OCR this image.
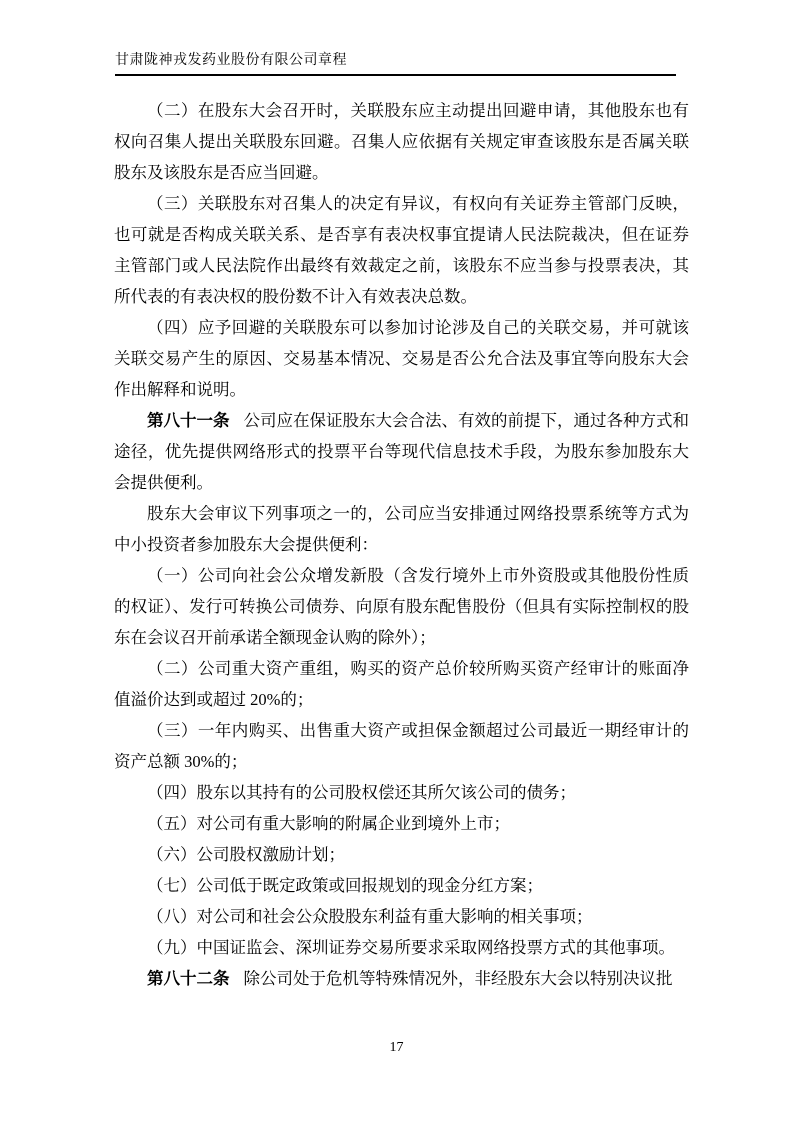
甘肃陇神戎发药业股份有限公司章程

（二）在股东大会召开时，关联股东应主动提出回避申请，其他股东也有权向召集人提出关联股东回避。召集人应依据有关规定审查该股东是否属关联股东及该股东是否应当回避。

（三）关联股东对召集人的决定有异议，有权向有关证券主管部门反映，也可就是否构成关联关系、是否享有表决权事宜提请人民法院裁决，但在证券主管部门或人民法院作出最终有效裁定之前，该股东不应当参与投票表决，其所代表的有表决权的股份数不计入有效表决总数。

（四）应予回避的关联股东可以参加讨论涉及自己的关联交易，并可就该关联交易产生的原因、交易基本情况、交易是否公允合法及事宜等向股东大会作出解释和说明。

第八十一条 公司应在保证股东大会合法、有效的前提下，通过各种方式和途径，优先提供网络形式的投票平台等现代信息技术手段，为股东参加股东大会提供便利。

股东大会审议下列事项之一的，公司应当安排通过网络投票系统等方式为中小投资者参加股东大会提供便利：

（一）公司向社会公众增发新股（含发行境外上市外资股或其他股份性质的权证）、发行可转换公司债券、向原有股东配售股份（但具有实际控制权的股东在会议召开前承诺全额现金认购的除外）；

（二）公司重大资产重组，购买的资产总价较所购买资产经审计的账面净值溢价达到或超过 20%的；

（三）一年内购买、出售重大资产或担保金额超过公司最近一期经审计的资产总额 30%的；

（四）股东以其持有的公司股权偿还其所欠该公司的债务；

（五）对公司有重大影响的附属企业到境外上市；

（六）公司股权激励计划；

（七）公司低于既定政策或回报规划的现金分红方案；

（八）对公司和社会公众股股东利益有重大影响的相关事项；

（九）中国证监会、深圳证券交易所要求采取网络投票方式的其他事项。

第八十二条 除公司处于危机等特殊情况外，非经股东大会以特别决议批

17
